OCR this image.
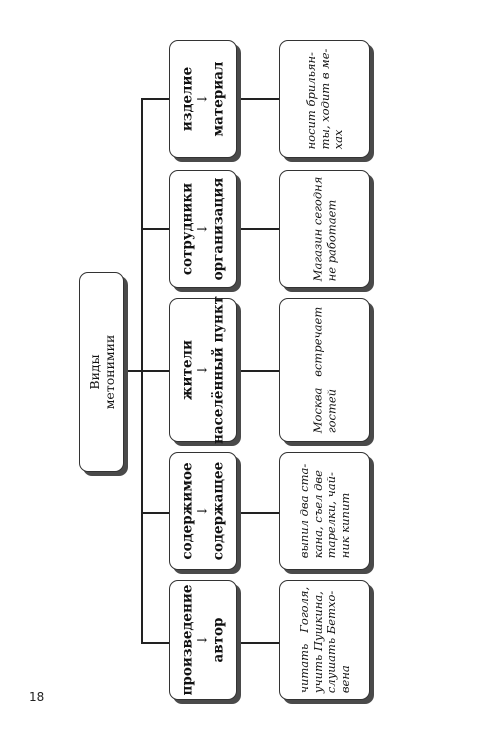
Виды метонимии
изделие ↓ материал
сотрудники ↓ организация
жители ↓ населённый пункт
содержимое ↓ содержащее
произведение ↓ автор
носит брильян- ты, ходит в ме- хах
Магазин сегодня не работает
Москва   встречает гостей
выпил два ста- кана, съел две тарелки, чай- ник кипит
читать   Гоголя, учить Пушкина, слушать Бетхо- вена
18
